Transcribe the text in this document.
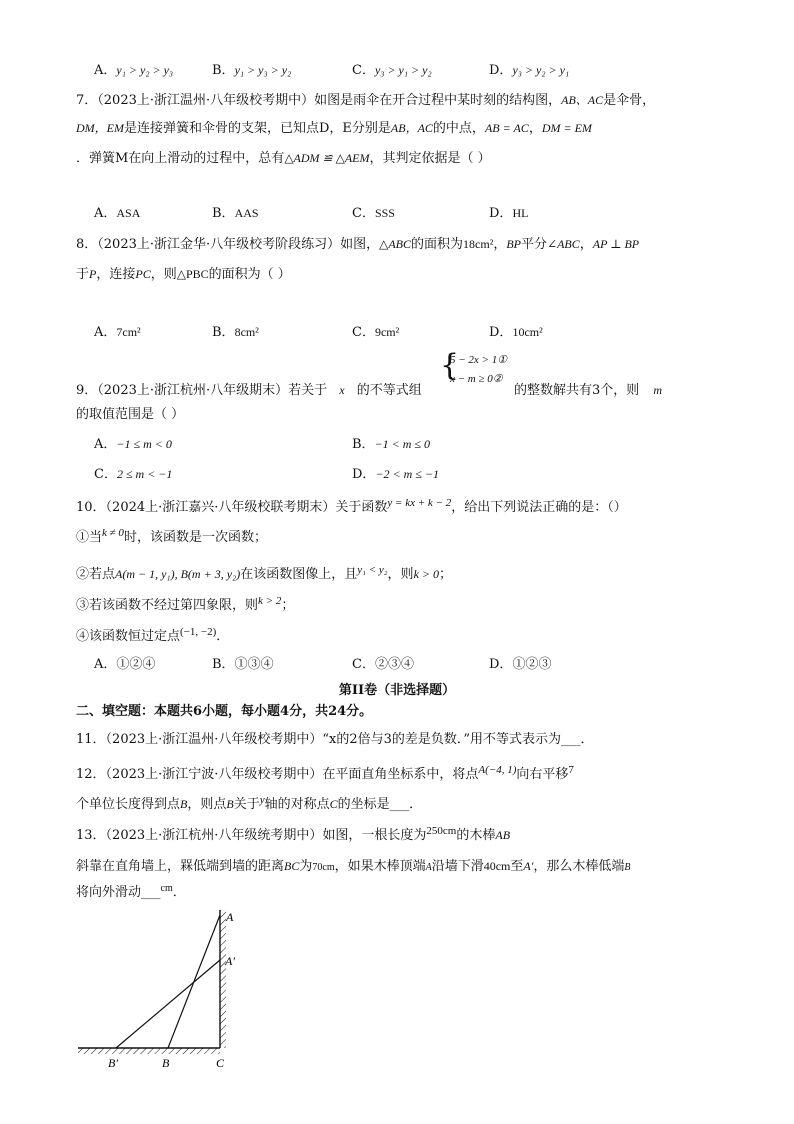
A．y₁ > y₂ > y₃	B．y₁ > y₃ > y₂	C．y₃ > y₁ > y₂	D．y₃ > y₂ > y₁
7．（2023上·浙江温州·八年级校考期中）如图是雨伞在开合过程中某时刻的结构图，AB、AC是伞骨，
DM，EM是连接弹簧和伞骨的支架，已知点D，E分别是AB，AC的中点，AB = AC，DM = EM
．弹簧M在向上滑动的过程中，总有△ADM ≌ △AEM，其判定依据是（ ）
A．ASA	B．AAS	C．SSS	D．HL
8．（2023上·浙江金华·八年级校考阶段练习）如图，△ABC的面积为18cm²，BP平分∠ABC，AP ⊥ BP
于P，连接PC，则△PBC的面积为（ ）
A．7cm²	B．8cm²	C．9cm²	D．10cm²
9．（2023上·浙江杭州·八年级期末）若关于 x 的不等式组
{
5 − 2x > 1①
x − m ≥ 0②
的整数解共有3个，则 m
的取值范围是（ ）
A．−1 ≤ m < 0	B．−1 < m ≤ 0
C．2 ≤ m < −1	D．−2 < m ≤ −1
10．（2024上·浙江嘉兴·八年级校联考期末）关于函数$^{y = kx + k - 2}$，给出下列说法正确的是：（）
①当$^{k \ne 0}$时，该函数是一次函数；
②若点A(m − 1, y₁), B(m + 3, y₂)在该函数图像上，且$^{y_1 < y_2}$，则k > 0；
③若该函数不经过第四象限，则$^{k > 2}$；
④该函数恒过定点$^{(-1, -2)}$．
A．①②④	B．①③④	C．②③④	D．①②③
第II卷（非选择题）
二、填空题：本题共6小题，每小题4分，共24分。
11．（2023上·浙江温州·八年级校考期中）“x的2倍与3的差是负数．”用不等式表示为___．
12．（2023上·浙江宁波·八年级校考期中）在平面直角坐标系中，将点$^{A(-4, 1)}$向右平移$^7$
个单位长度得到点B，则点B关于$^y$轴的对称点C的坐标是___．
13．（2023上·浙江杭州·八年级统考期中）如图，一根长度为$^{250cm}$的木棒AB
斜靠在直角墙上，槑低端到墙的距离BC为70cm，如果木棒顶端A沿墙下滑40cm至A′，那么木棒低端B
将向外滑动___$^{cm}$．
A
A′
B′	B	C
